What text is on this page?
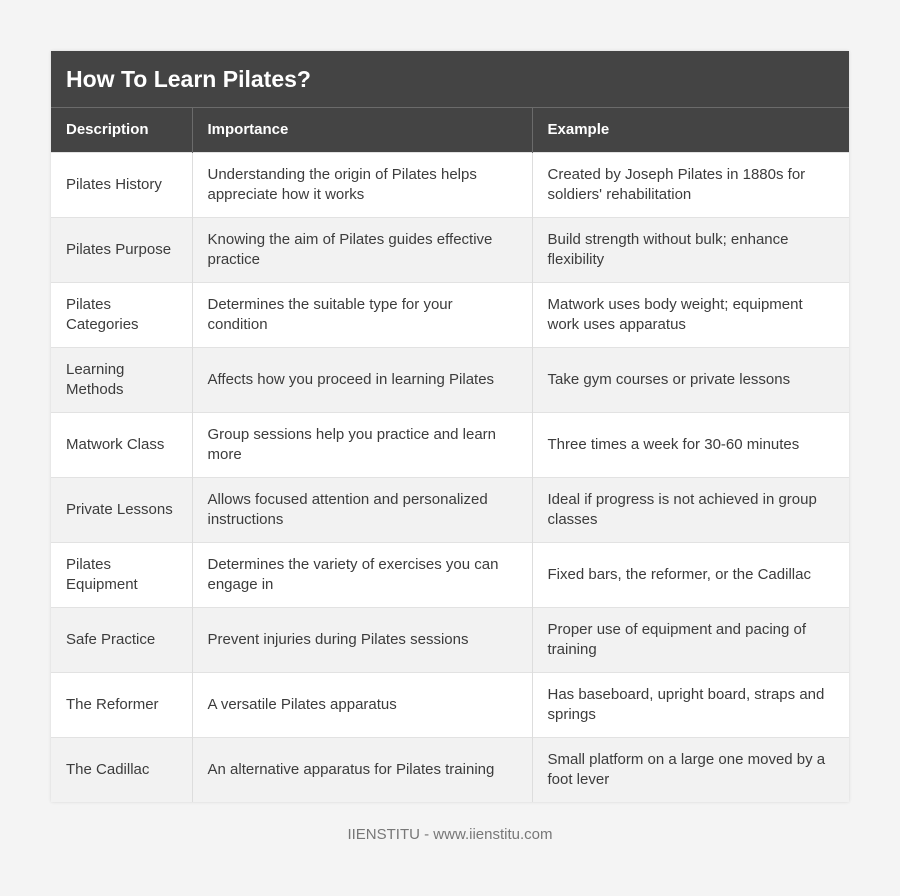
How To Learn Pilates?
Description	Importance	Example
Pilates History	Understanding the origin of Pilates helps appreciate how it works	Created by Joseph Pilates in 1880s for soldiers' rehabilitation
Pilates Purpose	Knowing the aim of Pilates guides effective practice	Build strength without bulk; enhance flexibility
Pilates Categories	Determines the suitable type for your condition	Matwork uses body weight; equipment work uses apparatus
Learning Methods	Affects how you proceed in learning Pilates	Take gym courses or private lessons
Matwork Class	Group sessions help you practice and learn more	Three times a week for 30-60 minutes
Private Lessons	Allows focused attention and personalized instructions	Ideal if progress is not achieved in group classes
Pilates Equipment	Determines the variety of exercises you can engage in	Fixed bars, the reformer, or the Cadillac
Safe Practice	Prevent injuries during Pilates sessions	Proper use of equipment and pacing of training
The Reformer	A versatile Pilates apparatus	Has baseboard, upright board, straps and springs
The Cadillac	An alternative apparatus for Pilates training	Small platform on a large one moved by a foot lever
IIENSTITU - www.iienstitu.com
